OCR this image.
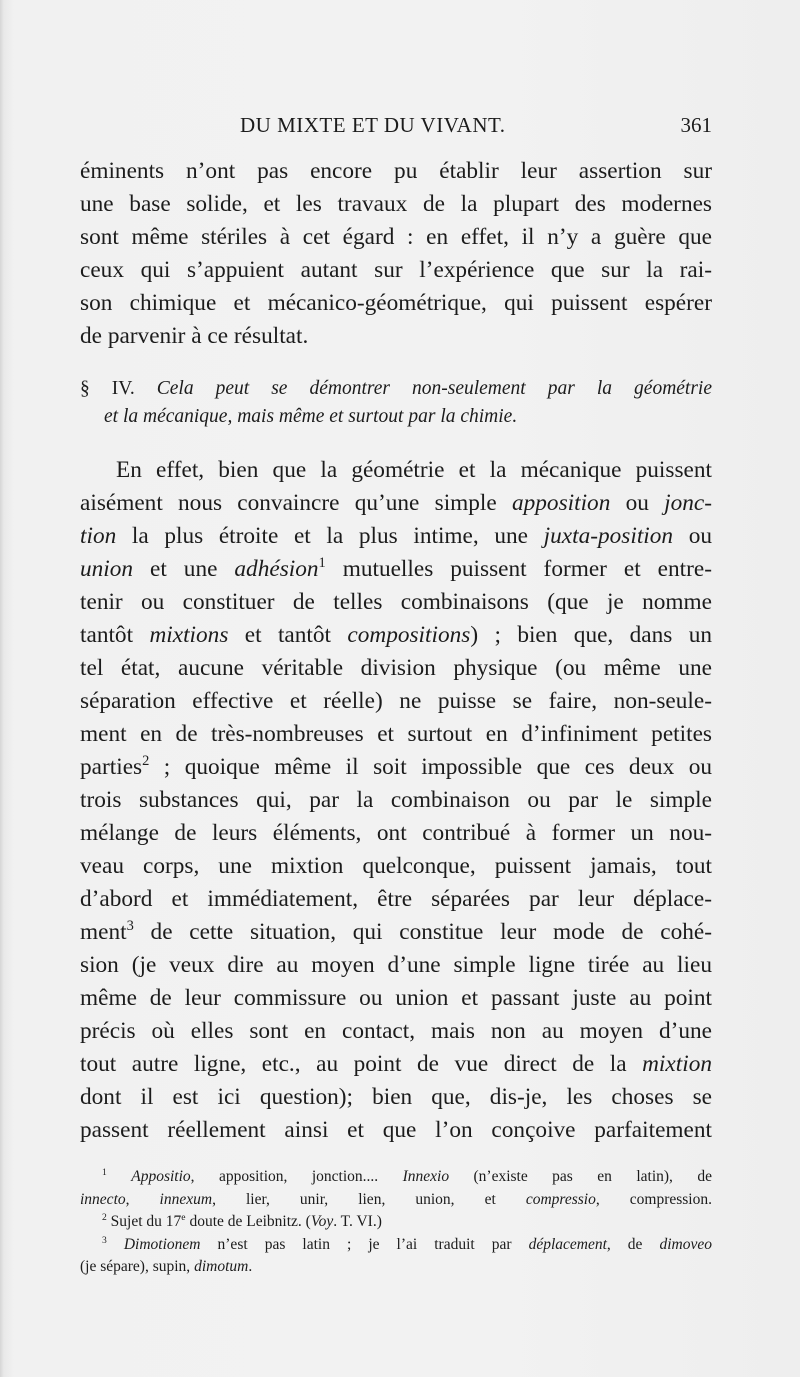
DU MIXTE ET DU VIVANT.	361
éminents n’ont pas encore pu établir leur assertion sur
une base solide, et les travaux de la plupart des modernes
sont même stériles à cet égard : en effet, il n’y a guère que
ceux qui s’appuient autant sur l’expérience que sur la rai-
son chimique et mécanico-géométrique, qui puissent espérer
de parvenir à ce résultat.
§ IV. Cela peut se démontrer non-seulement par la géométrie
et la mécanique, mais même et surtout par la chimie.
En effet, bien que la géométrie et la mécanique puissent
aisément nous convaincre qu’une simple apposition ou jonc-
tion la plus étroite et la plus intime, une juxta-position ou
union et une adhésion$^1$ mutuelles puissent former et entre-
tenir ou constituer de telles combinaisons (que je nomme
tantôt mixtions et tantôt compositions) ; bien que, dans un
tel état, aucune véritable division physique (ou même une
séparation effective et réelle) ne puisse se faire, non-seule-
ment en de très-nombreuses et surtout en d’infiniment petites
parties$^2$ ; quoique même il soit impossible que ces deux ou
trois substances qui, par la combinaison ou par le simple
mélange de leurs éléments, ont contribué à former un nou-
veau corps, une mixtion quelconque, puissent jamais, tout
d’abord et immédiatement, être séparées par leur déplace-
ment$^3$ de cette situation, qui constitue leur mode de cohé-
sion (je veux dire au moyen d’une simple ligne tirée au lieu
même de leur commissure ou union et passant juste au point
précis où elles sont en contact, mais non au moyen d’une
tout autre ligne, etc., au point de vue direct de la mixtion
dont il est ici question); bien que, dis-je, les choses se
passent réellement ainsi et que l’on conçoive parfaitement
$^1$ Appositio, apposition, jonction.... Innexio (n’existe pas en latin), de
innecto, innexum, lier, unir, lien, union, et compressio, compression.
$^2$ Sujet du 17e doute de Leibnitz. (Voy. T. VI.)
$^3$ Dimotionem n’est pas latin ; je l’ai traduit par déplacement, de dimoveo
(je sépare), supin, dimotum.
